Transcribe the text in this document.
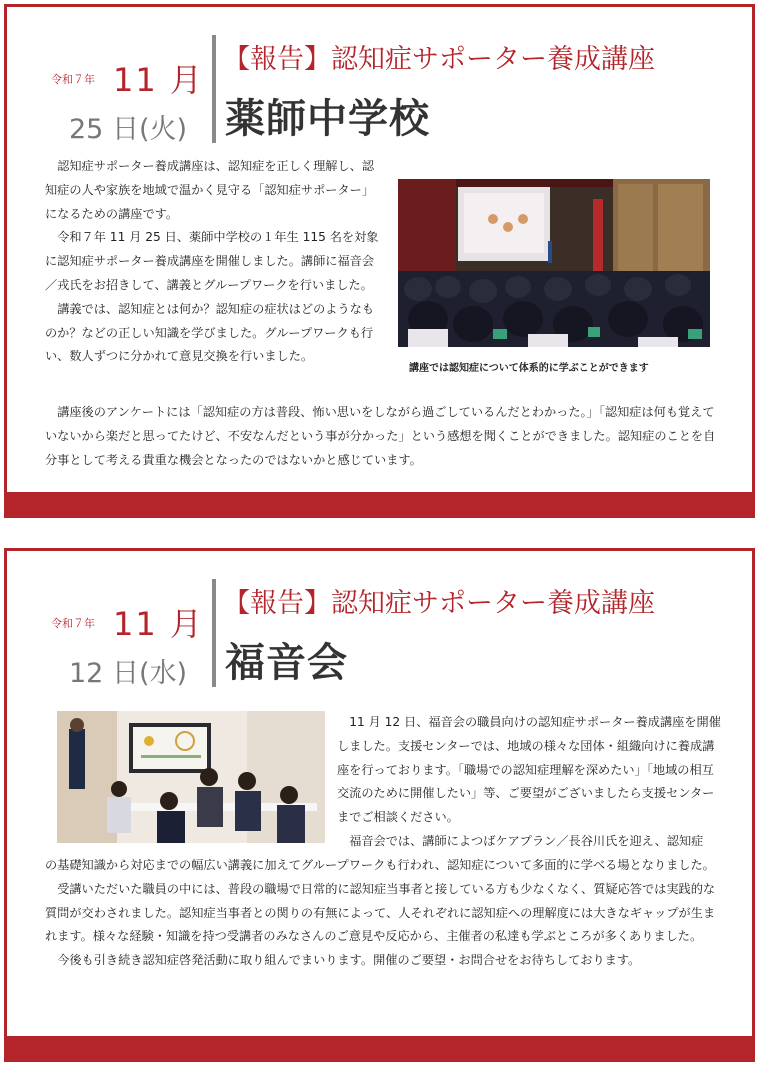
令和７年 11 月
25 日(火)
【報告】認知症サポーター養成講座
薬師中学校

認知症サポーター養成講座は、認知症を正しく理解し、認知症の人や家族を地域で温かく見守る「認知症サポーター」になるための講座です。

令和７年 11 月 25 日、薬師中学校の１年生 115 名を対象に認知症サポーター養成講座を開催しました。講師に福音会／戎氏をお招きして、講義とグループワークを行いました。

講義では、認知症とは何か？認知症の症状はどのようなものか？などの正しい知識を学びました。グループワークも行い、数人ずつに分かれて意見交換を行いました。

講座では認知症について体系的に学ぶことができます

講座後のアンケートには「認知症の方は普段、怖い思いをしながら過ごしているんだとわかった。」「認知症は何も覚えていないから楽だと思ってたけど、不安なんだという事が分かった」という感想を聞くことができました。認知症のことを自分事として考える貴重な機会となったのではないかと感じています。

令和７年 11 月
12 日(水)
【報告】認知症サポーター養成講座
福音会

11 月 12 日、福音会の職員向けの認知症サポーター養成講座を開催しました。支援センターでは、地域の様々な団体・組織向けに養成講座を行っております。「職場での認知症理解を深めたい」「地域の相互交流のために開催したい」等、ご要望がございましたら支援センターまでご相談ください。

福音会では、講師によつばケアプラン／長谷川氏を迎え、認知症

の基礎知識から対応までの幅広い講義に加えてグループワークも行われ、認知症について多面的に学べる場となりました。

受講いただいた職員の中には、普段の職場で日常的に認知症当事者と接している方も少なくなく、質疑応答では実践的な質問が交わされました。認知症当事者との関りの有無によって、人それぞれに認知症への理解度には大きなギャップが生まれます。様々な経験・知識を持つ受講者のみなさんのご意見や反応から、主催者の私達も学ぶところが多くありました。

今後も引き続き認知症啓発活動に取り組んでまいります。開催のご要望・お問合せをお待ちしております。
